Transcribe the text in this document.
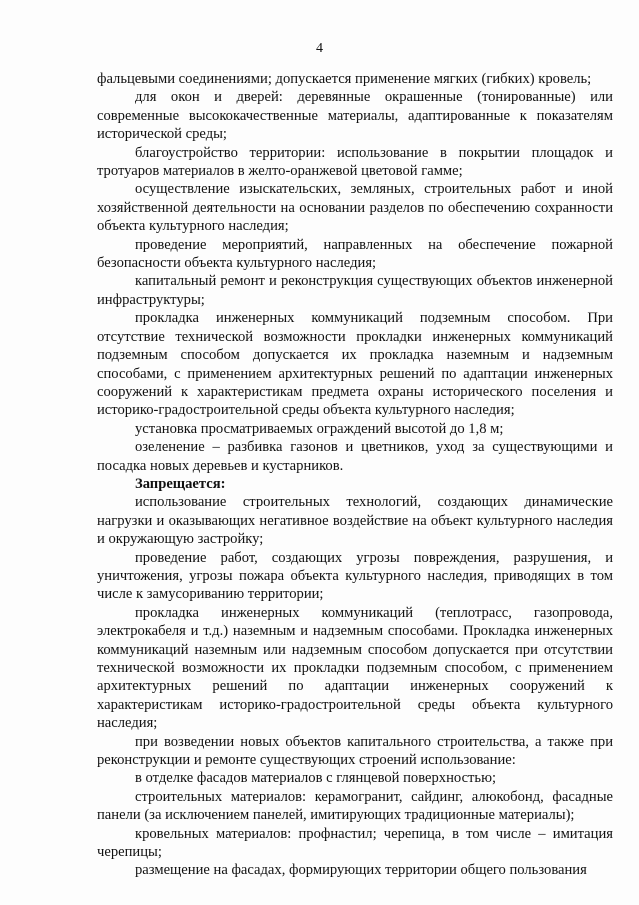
4

фальцевыми соединениями; допускается применение мягких (гибких) кровель;

для окон и дверей: деревянные окрашенные (тонированные) или современные высококачественные материалы, адаптированные к показателям исторической среды;

благоустройство территории: использование в покрытии площадок и тротуаров материалов в желто-оранжевой цветовой гамме;

осуществление изыскательских, земляных, строительных работ и иной хозяйственной деятельности на основании разделов по обеспечению сохранности объекта культурного наследия;

проведение мероприятий, направленных на обеспечение пожарной безопасности объекта культурного наследия;

капитальный ремонт и реконструкция существующих объектов инженерной инфраструктуры;

прокладка инженерных коммуникаций подземным способом. При отсутствие технической возможности прокладки инженерных коммуникаций подземным способом допускается их прокладка наземным и надземным способами, с применением архитектурных решений по адаптации инженерных сооружений к характеристикам предмета охраны исторического поселения и историко-градостроительной среды объекта культурного наследия;

установка просматриваемых ограждений высотой до 1,8 м;

озеленение – разбивка газонов и цветников, уход за существующими и посадка новых деревьев и кустарников.

Запрещается:

использование строительных технологий, создающих динамические нагрузки и оказывающих негативное воздействие на объект культурного наследия и окружающую застройку;

проведение работ, создающих угрозы повреждения, разрушения, и уничтожения, угрозы пожара объекта культурного наследия, приводящих в том числе к замусориванию территории;

прокладка инженерных коммуникаций (теплотрасс, газопровода, электрокабеля и т.д.) наземным и надземным способами. Прокладка инженерных коммуникаций наземным или надземным способом допускается при отсутствии технической возможности их прокладки подземным способом, с применением архитектурных решений по адаптации инженерных сооружений к характеристикам историко-градостроительной среды объекта культурного наследия;

при возведении новых объектов капитального строительства, а также при реконструкции и ремонте существующих строений использование:

в отделке фасадов материалов с глянцевой поверхностью;

строительных материалов: керамогранит, сайдинг, алюкобонд, фасадные панели (за исключением панелей, имитирующих традиционные материалы);

кровельных материалов: профнастил; черепица, в том числе – имитация черепицы;

размещение на фасадах, формирующих территории общего пользования
